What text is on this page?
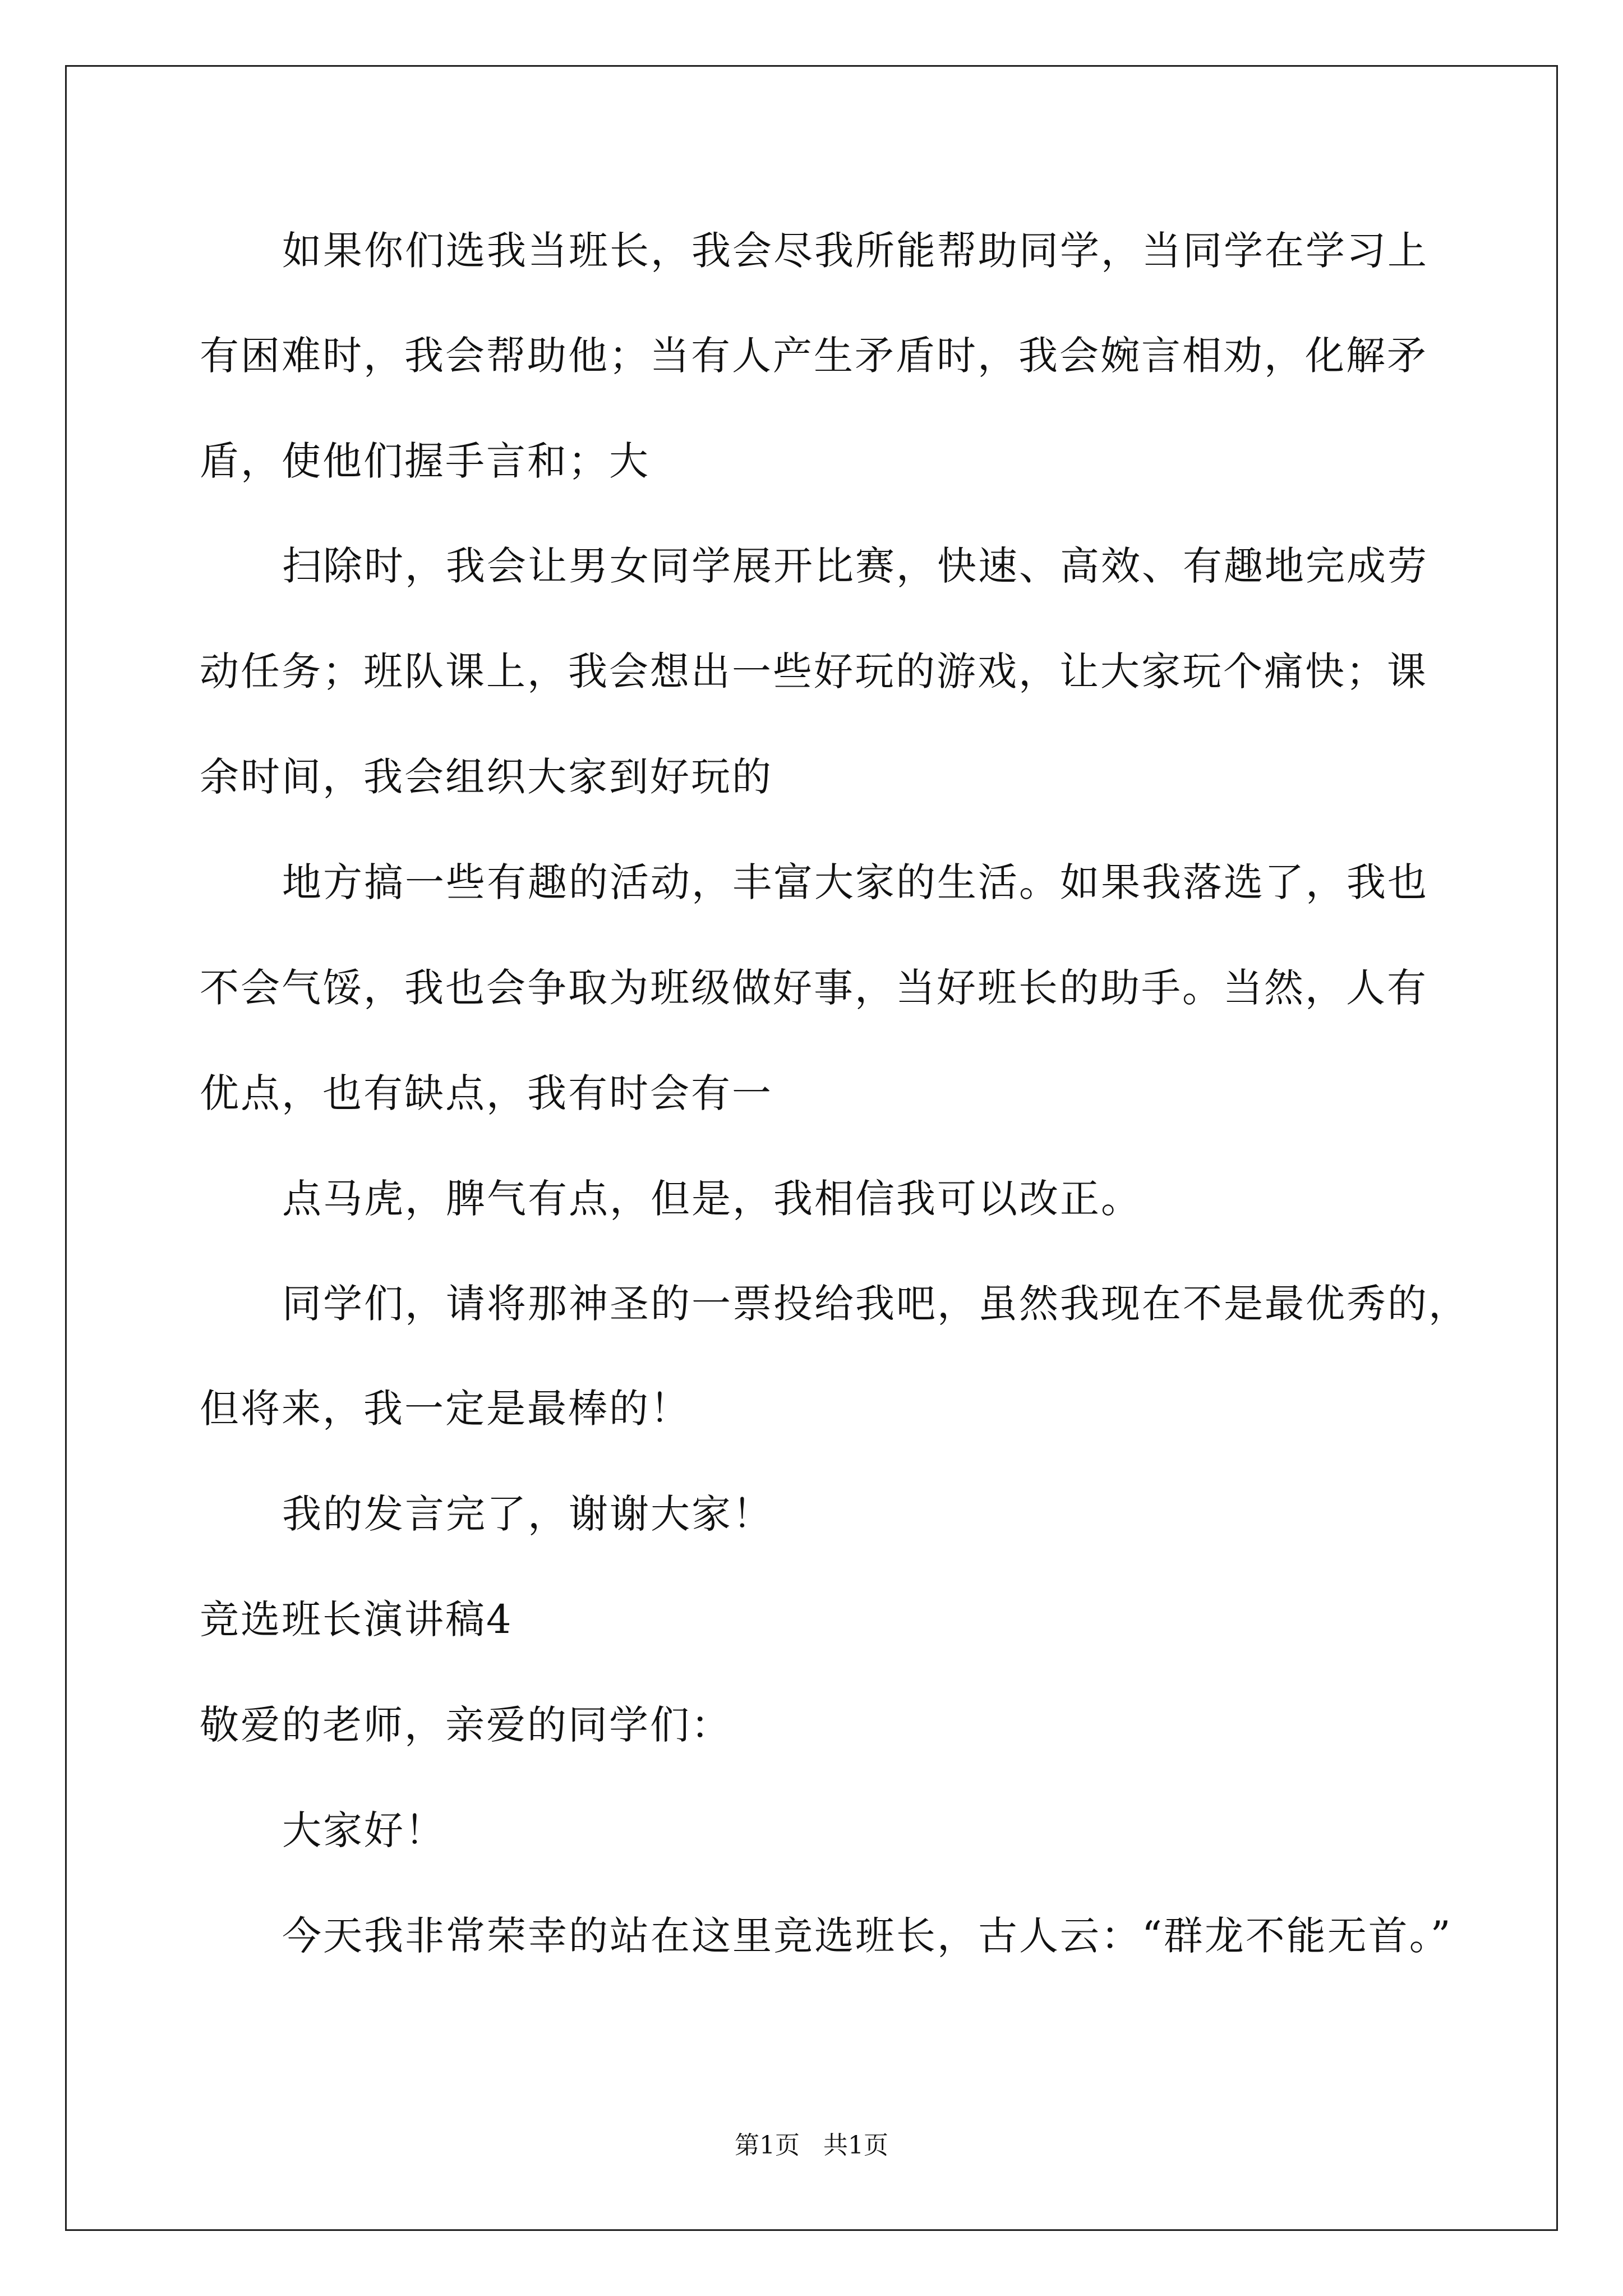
如果你们选我当班长，我会尽我所能帮助同学，当同学在学习上
有困难时，我会帮助他；当有人产生矛盾时，我会婉言相劝，化解矛
盾，使他们握手言和；大
扫除时，我会让男女同学展开比赛，快速、高效、有趣地完成劳
动任务；班队课上，我会想出一些好玩的游戏，让大家玩个痛快；课
余时间，我会组织大家到好玩的
地方搞一些有趣的活动，丰富大家的生活。如果我落选了，我也
不会气馁，我也会争取为班级做好事，当好班长的助手。当然，人有
优点，也有缺点，我有时会有一
点马虎，脾气有点，但是，我相信我可以改正。
同学们，请将那神圣的一票投给我吧，虽然我现在不是最优秀的，
但将来，我一定是最棒的！
我的发言完了，谢谢大家！
竞选班长演讲稿4
敬爱的老师，亲爱的同学们：
大家好！
今天我非常荣幸的站在这里竞选班长，古人云：“群龙不能无首。”
第1页   共1页
